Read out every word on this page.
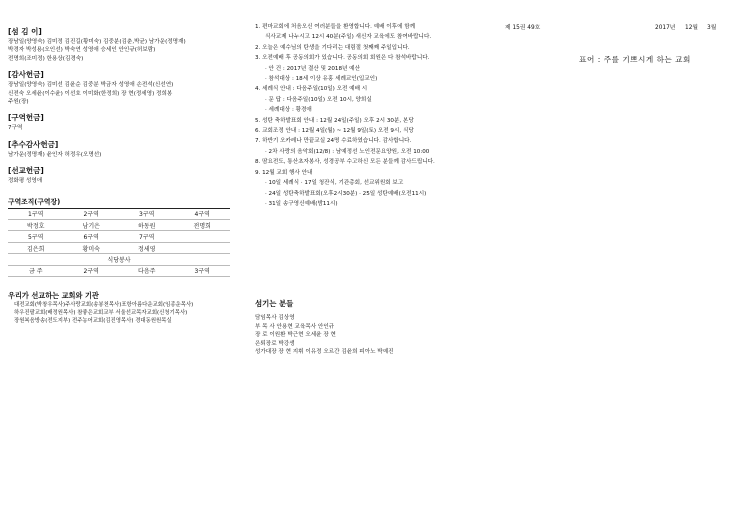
[섬 김 이]
장남일(양영숙) 김미정 김진길(황미숙) 김중분(김춘,박균) 남가운(정명재)
박경자 박성용(오인선) 박숙연 성영애 승세인 안인규(허보람)
전명희(조미정) 한용상(김경숙)
[감사헌금]
장남일(양영숙) 김미선 김윤순 김중분 박금자 성영애 손전석(신선연)
신전숙 오세윤(이수윤) 이선호 이미화(한정희) 장 현(정세영) 정희봉
주원(장)
[구역헌금]
7구역
[추수감사헌금]
남가운(정명재) 윤인자 허정우(오명선)
[선교헌금]
정화평 성영애
구역조직(구역장)
1구역	2구역	3구역	4구역
박정호	남기은	하동원	전명희
5구역	6구역	7구역	
김은희	황미숙	정세영	
식당봉사			
금 주	2구역	다음주	3구역
우리가 선교하는 교회와 기관
대전교회(박창우목사)주사랑교회(송봉천목사)포항아름다운교회(임종운목사)
하우진팔교회(배정원목사) 참좋은교회교부 서울선교목자교회(신청기목사)
장원복음방송(전도지부) 전주농어교회(김진영목사) 경대동원원목실
1. 편마교회에 처음오신 여러분들을 환영합니다. 예배 이후에 함께
식사교제 나누시고 12시 40분(주일) 새신자 교육에도 참여바랍니다.
2. 오늘은 예수님의 탄생을 기다리는 대림절 첫째째 주일입니다.
3. 오전예배 후 공동의회가 있습니다. 공동의회 회원은 다 참석바랍니다.
· 안 건 : 2017년 결산 및 2018년 예산
· 참석대상 : 18세 이상 유홍 세례교인(입교인)
4. 세례식 안내 : 다음주일(10일) 오전 예배 시
· 문 답 : 다음주일(10일) 오전 10시, 양희실
· 세례대상 : 황경애
5. 성탄 축하발표회 안내 : 12월 24일(주일) 오후 2시 30분, 본당
6. 교회조정 안내 : 12월 4일(월) ~ 12월 9일(토) 오전 9시, 식당
7. 하반기 오카레나 만끝교실 24명 수료하였습니다. 감사합니다.
· 2차 사랑의 음악회(12/8) : 남예정선 노인전문요양원, 오전 10:00
8. 땀요전도, 통산초자봉사, 성경공부 수고하신 모든 분들께 감사드립니다.
9. 12월 교회 행사 안내
· 10일 세례식 · 17일 청잔식, 기관총회, 선교위원회 보고
· 24일 성탄축하발표회(오후2시30분) · 25일 성탄예배(오전11시)
· 31일 송구영신예배(밤11시)
섬기는 분들
담임목사 김상영
부 목 사 안용현 교육목사 안인규
장 로 이원환 박근현 오세윤 장 현
은퇴장로 박강생
성가대장 장 현 지휘 이유정 오르간 김윤희 피아노 박예진
제 15권 49호	2017년 12월 3월
표어 : 주를 기쁘시게 하는 교회
